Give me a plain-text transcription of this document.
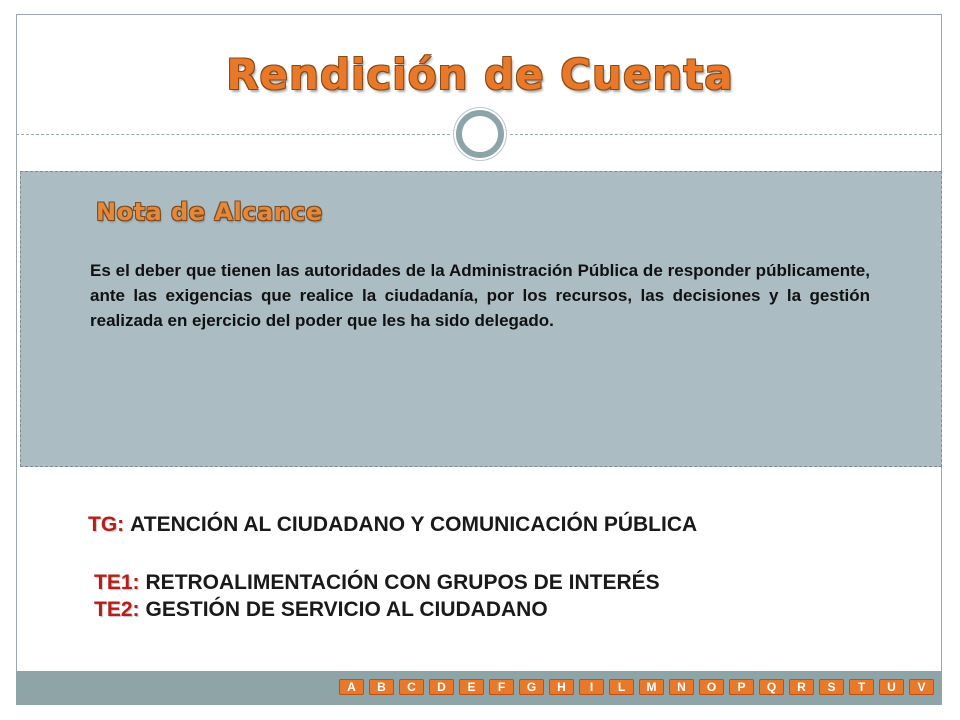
Rendición de Cuenta
Nota de Alcance
Es el deber que tienen las autoridades de la Administración Pública de responder públicamente, ante las exigencias que realice la ciudadanía, por los recursos, las decisiones y la gestión realizada en ejercicio del poder que les ha sido delegado.
TG: ATENCIÓN AL CIUDADANO Y COMUNICACIÓN PÚBLICA
TE1: RETROALIMENTACIÓN CON GRUPOS DE INTERÉS
TE2: GESTIÓN DE SERVICIO AL CIUDADANO
A	B	C	D	E	F	G	H	I	L	M	N	O	P	Q	R	S	T	U	V
